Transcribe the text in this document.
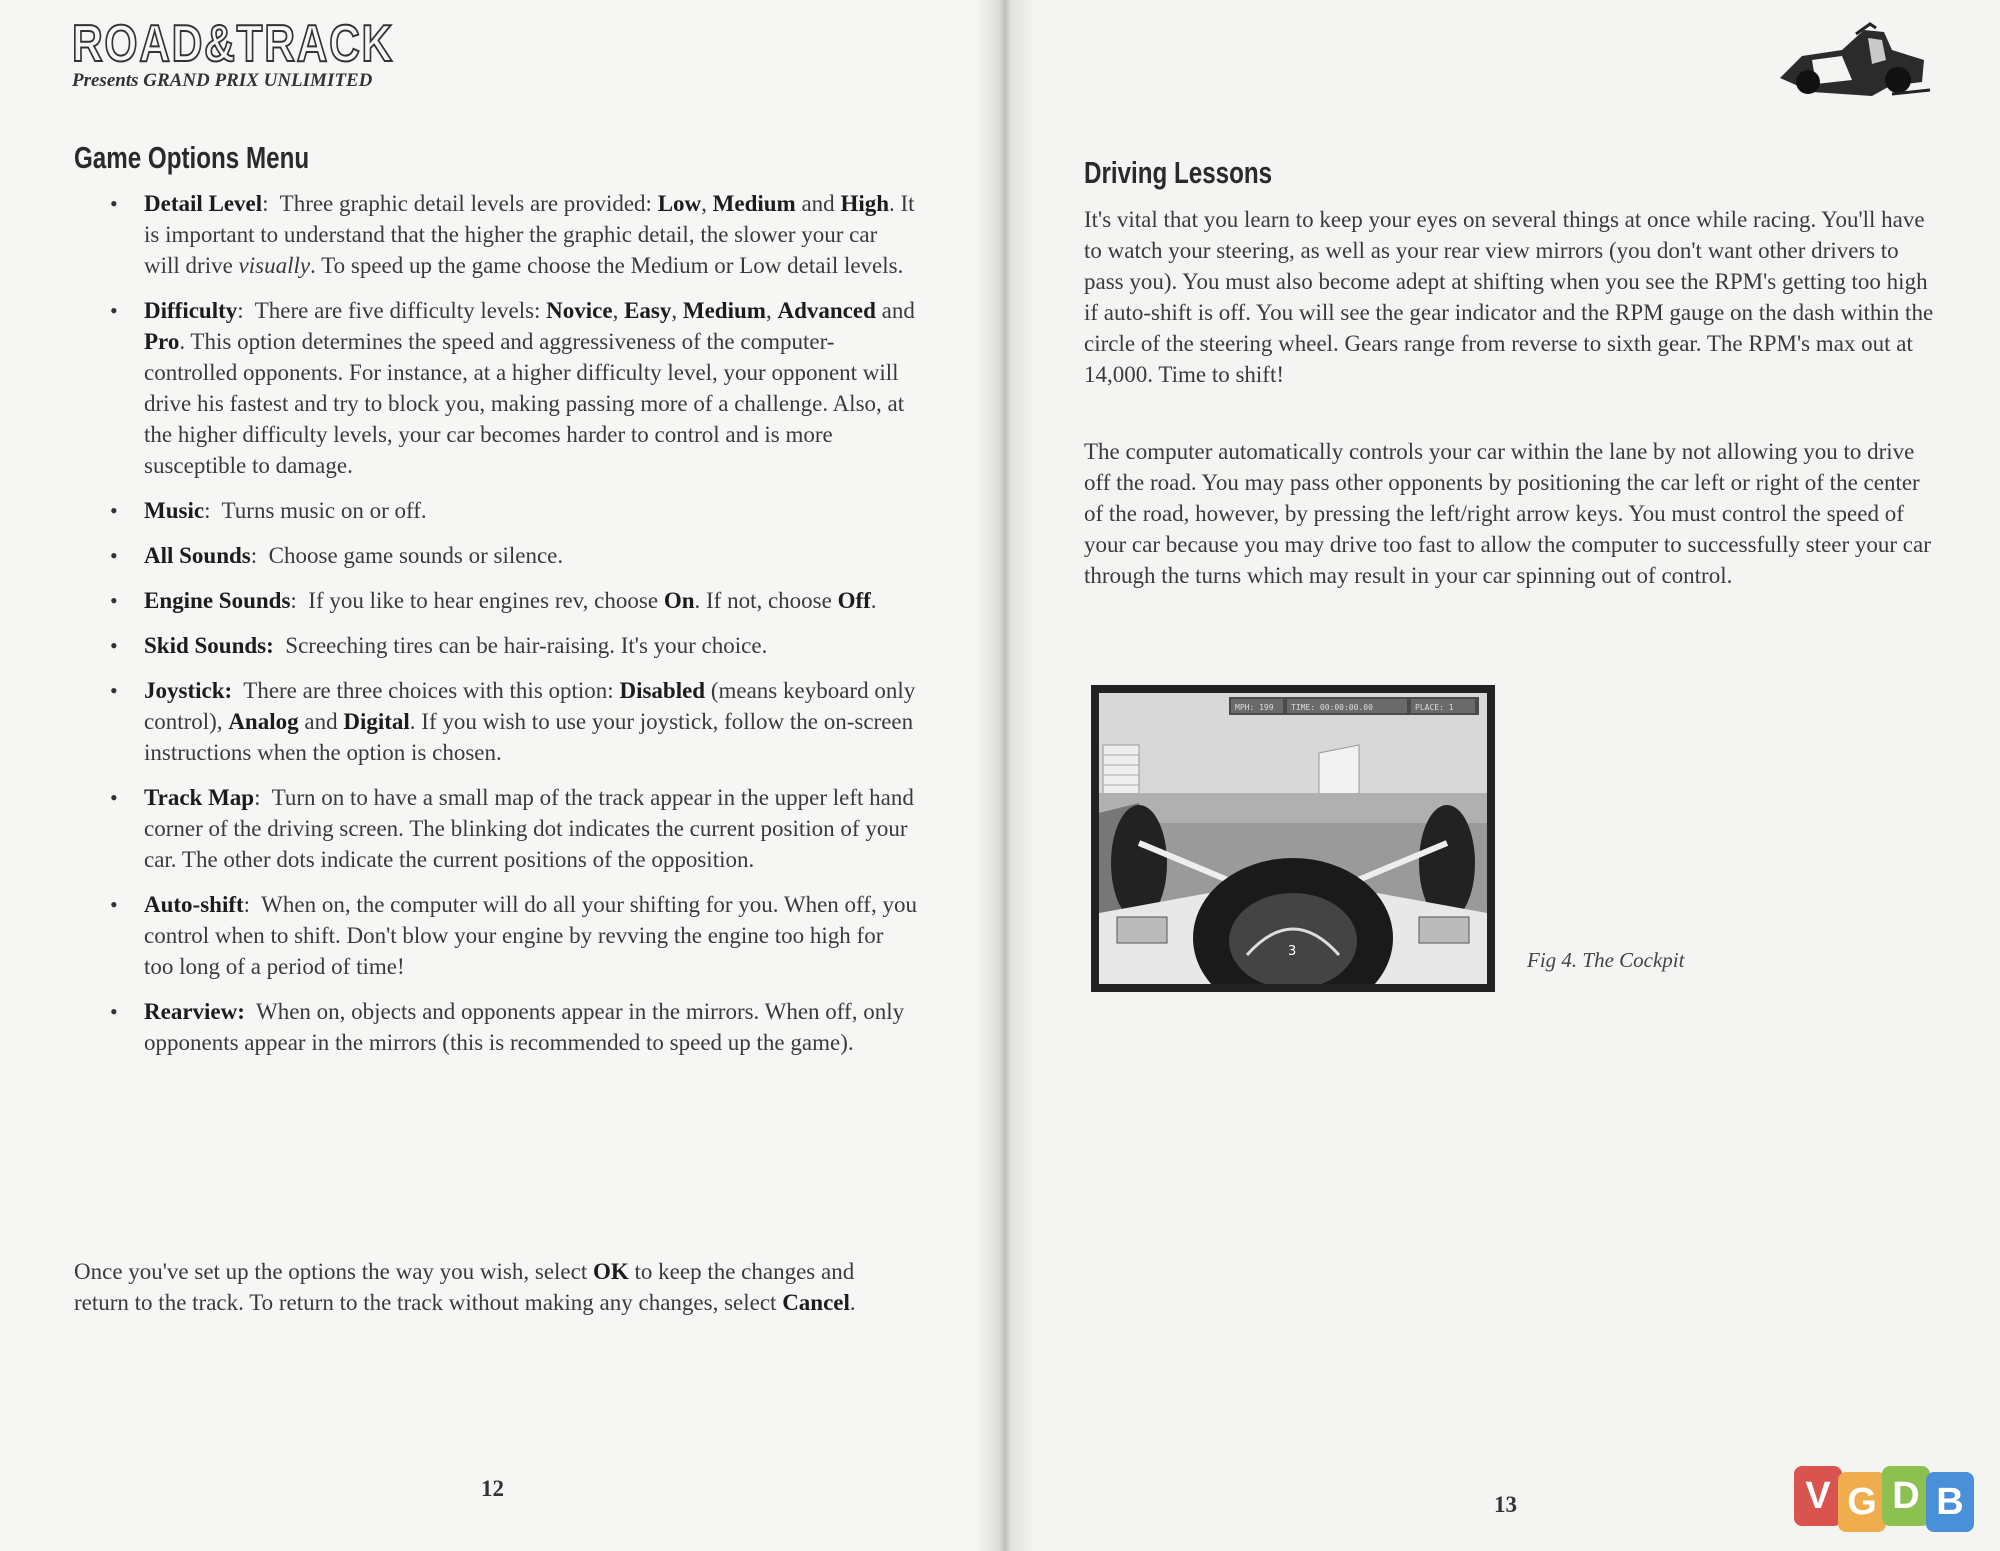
ROAD&TRACK
Presents GRAND PRIX UNLIMITED
Game Options Menu
• Detail Level:  Three graphic detail levels are provided: Low, Medium and High. It is important to understand that the higher the graphic detail, the slower your car will drive visually. To speed up the game choose the Medium or Low detail levels.
• Difficulty:  There are five difficulty levels: Novice, Easy, Medium, Advanced and Pro. This option determines the speed and aggressiveness of the computer-controlled opponents. For instance, at a higher difficulty level, your opponent will drive his fastest and try to block you, making passing more of a challenge. Also, at the higher difficulty levels, your car becomes harder to control and is more susceptible to damage.
• Music:  Turns music on or off.
• All Sounds:  Choose game sounds or silence.
• Engine Sounds:  If you like to hear engines rev, choose On. If not, choose Off.
• Skid Sounds: Screeching tires can be hair-raising. It's your choice.
• Joystick: There are three choices with this option: Disabled (means keyboard only control), Analog and Digital. If you wish to use your joystick, follow the on-screen instructions when the option is chosen.
• Track Map:  Turn on to have a small map of the track appear in the upper left hand corner of the driving screen. The blinking dot indicates the current position of your car. The other dots indicate the current positions of the opposition.
• Auto-shift:  When on, the computer will do all your shifting for you. When off, you control when to shift. Don't blow your engine by revving the engine too high for too long of a period of time!
• Rearview: When on, objects and opponents appear in the mirrors. When off, only opponents appear in the mirrors (this is recommended to speed up the game).

Once you've set up the options the way you wish, select OK to keep the changes and return to the track. To return to the track without making any changes, select Cancel.

12
Driving Lessons

It's vital that you learn to keep your eyes on several things at once while racing. You'll have to watch your steering, as well as your rear view mirrors (you don't want other drivers to pass you). You must also become adept at shifting when you see the RPM's getting too high if auto-shift is off. You will see the gear indicator and the RPM gauge on the dash within the circle of the steering wheel. Gears range from reverse to sixth gear. The RPM's max out at 14,000. Time to shift!

The computer automatically controls your car within the lane by not allowing you to drive off the road. You may pass other opponents by positioning the car left or right of the center of the road, however, by pressing the left/right arrow keys. You must control the speed of your car because you may drive too fast to allow the computer to successfully steer your car through the turns which may result in your car spinning out of control.

MPH: 199 TIME: 00:00:00.00	PLACE: 1
3	Fig 4. The Cockpit
13	V G D B
